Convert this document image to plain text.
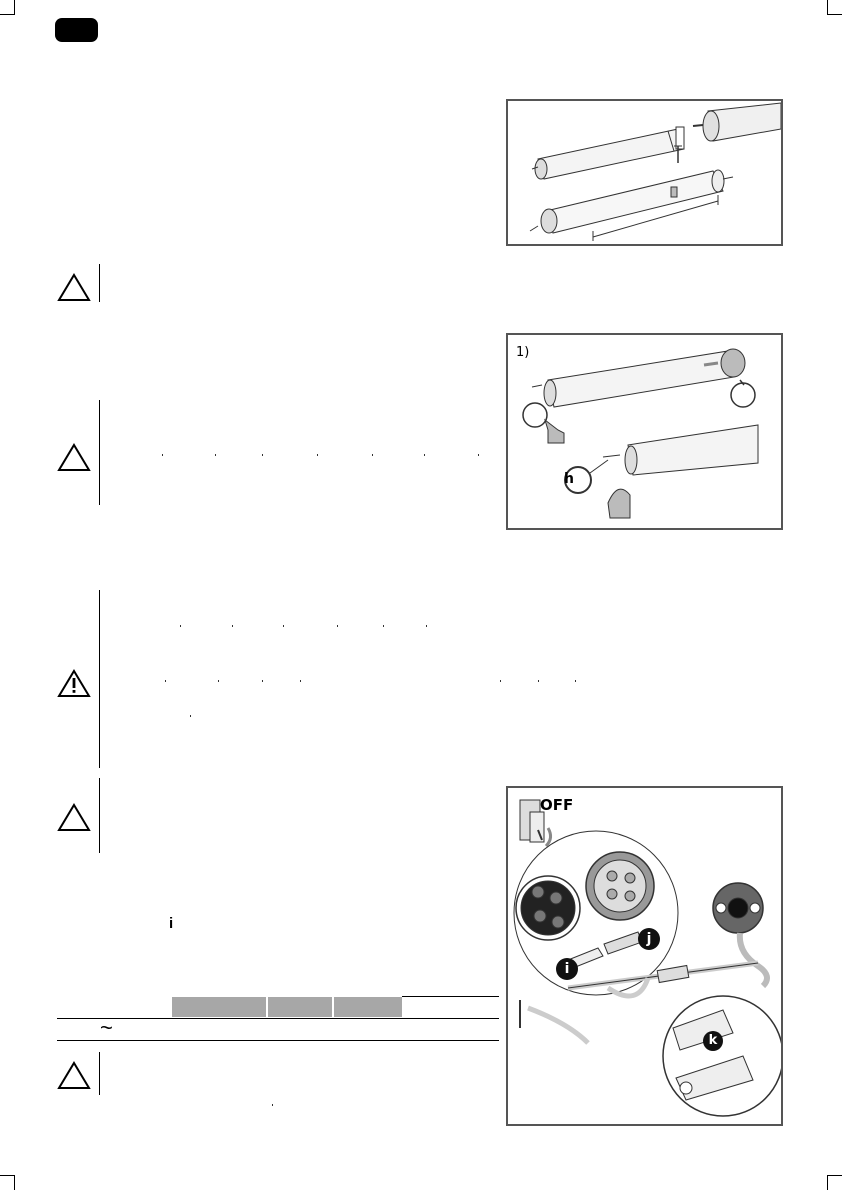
1)
h
i
~
OFF
i
j
k
